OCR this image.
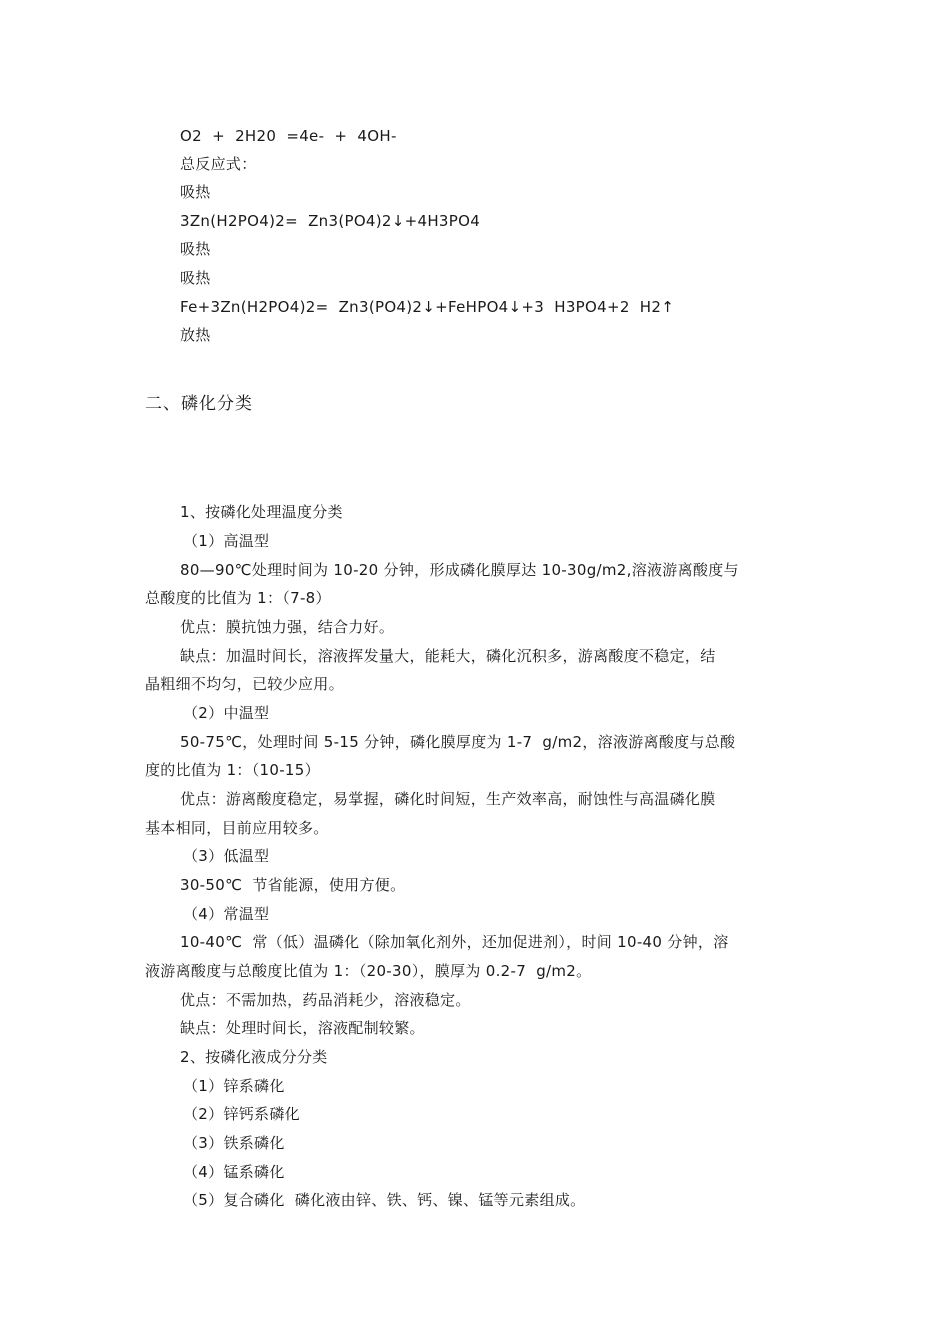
O2  +  2H20  =4e-  +  4OH-
总反应式：
吸热
3Zn(H2PO4)2=  Zn3(PO4)2↓+4H3PO4
吸热
吸热
Fe+3Zn(H2PO4)2=  Zn3(PO4)2↓+FeHPO4↓+3  H3PO4+2  H2↑
放热
二、磷化分类
1、按磷化处理温度分类
（1）高温型
80—90℃处理时间为 10-20 分钟，形成磷化膜厚达 10-30g/m2,溶液游离酸度与
总酸度的比值为 1：（7-8）
优点：膜抗蚀力强，结合力好。
缺点：加温时间长，溶液挥发量大，能耗大，磷化沉积多，游离酸度不稳定，结
晶粗细不均匀，已较少应用。
（2）中温型
50-75℃，处理时间 5-15 分钟，磷化膜厚度为 1-7  g/m2，溶液游离酸度与总酸
度的比值为 1：（10-15）
优点：游离酸度稳定，易掌握，磷化时间短，生产效率高，耐蚀性与高温磷化膜
基本相同，目前应用较多。
（3）低温型
30-50℃  节省能源，使用方便。
（4）常温型
10-40℃  常（低）温磷化（除加氧化剂外，还加促进剂），时间 10-40 分钟，溶
液游离酸度与总酸度比值为 1：（20-30），膜厚为 0.2-7  g/m2。
优点：不需加热，药品消耗少，溶液稳定。
缺点：处理时间长，溶液配制较繁。
2、按磷化液成分分类
（1）锌系磷化
（2）锌钙系磷化
（3）铁系磷化
（4）锰系磷化
（5）复合磷化  磷化液由锌、铁、钙、镍、锰等元素组成。
